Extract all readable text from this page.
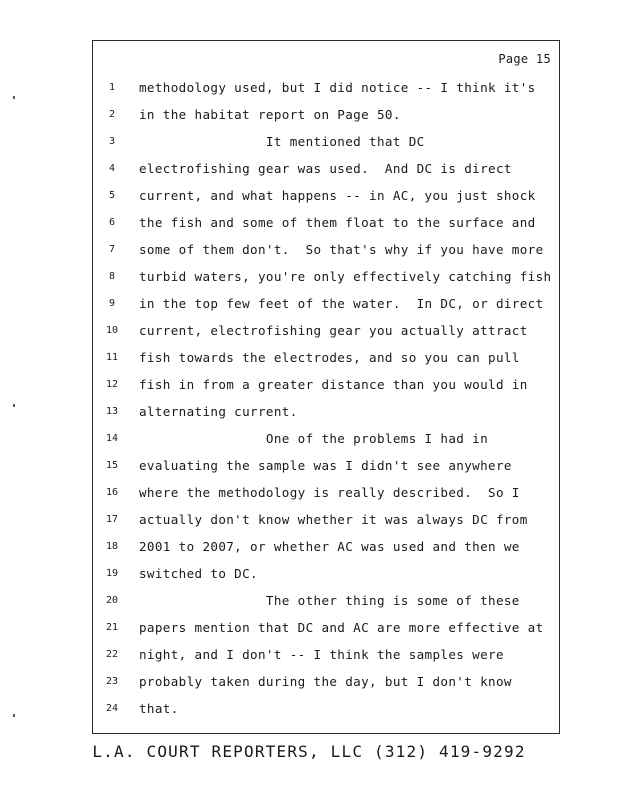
Page 15
1	methodology used, but I did notice -- I think it's
2	in the habitat report on Page 50.
3	It mentioned that DC
4	electrofishing gear was used.  And DC is direct
5	current, and what happens -- in AC, you just shock
6	the fish and some of them float to the surface and
7	some of them don't.  So that's why if you have more
8	turbid waters, you're only effectively catching fish
9	in the top few feet of the water.  In DC, or direct
10	current, electrofishing gear you actually attract
11	fish towards the electrodes, and so you can pull
12	fish in from a greater distance than you would in
13	alternating current.
14	One of the problems I had in
15	evaluating the sample was I didn't see anywhere
16	where the methodology is really described.  So I
17	actually don't know whether it was always DC from
18	2001 to 2007, or whether AC was used and then we
19	switched to DC.
20	The other thing is some of these
21	papers mention that DC and AC are more effective at
22	night, and I don't -- I think the samples were
23	probably taken during the day, but I don't know
24	that.
L.A. COURT REPORTERS, LLC (312) 419-9292
